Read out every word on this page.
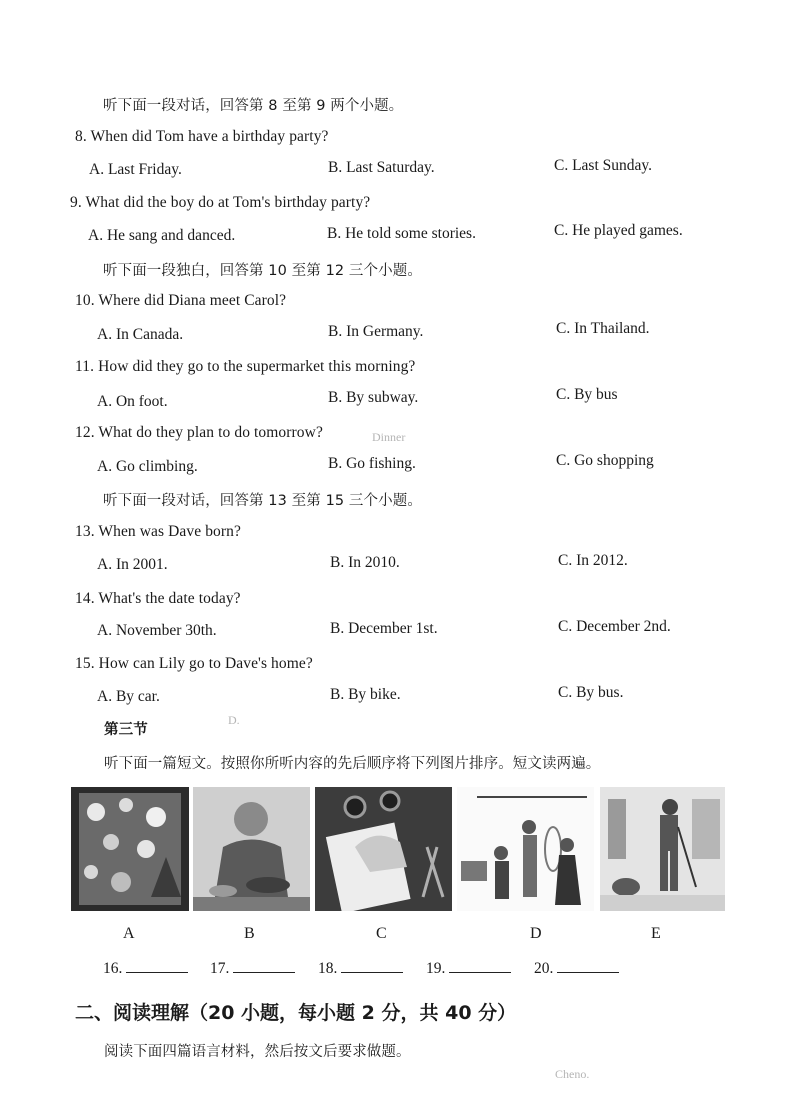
D.
Dinner
Cheno.
听下面一段对话，回答第 8 至第 9 两个小题。
8. When did Tom have a birthday party?
A. Last Friday.	B. Last Saturday.	C. Last Sunday.
9. What did the boy do at Tom's birthday party?
A. He sang and danced.	B. He told some stories.	C. He played games.
听下面一段独白，回答第 10 至第 12 三个小题。
10. Where did Diana meet Carol?
A. In Canada.	B. In Germany.	C. In Thailand.
11. How did they go to the supermarket this morning?
A. On foot.	B. By subway.	C. By bus
12. What do they plan to do tomorrow?
A. Go climbing.	B. Go fishing.	C. Go shopping
听下面一段对话，回答第 13 至第 15 三个小题。
13. When was Dave born?
A. In 2001.	B. In 2010.	C. In 2012.
14. What's the date today?
A. November 30th.	B. December 1st.	C. December 2nd.
15. How can Lily go to Dave's home?
A. By car.	B. By bike.	C. By bus.
第三节
听下面一篇短文。按照你所听内容的先后顺序将下列图片排序。短文读两遍。
A	B	C	D	E
16.	17.	18.	19.	20.
二、阅读理解（20 小题，每小题 2 分，共 40 分）
阅读下面四篇语言材料，然后按文后要求做题。
